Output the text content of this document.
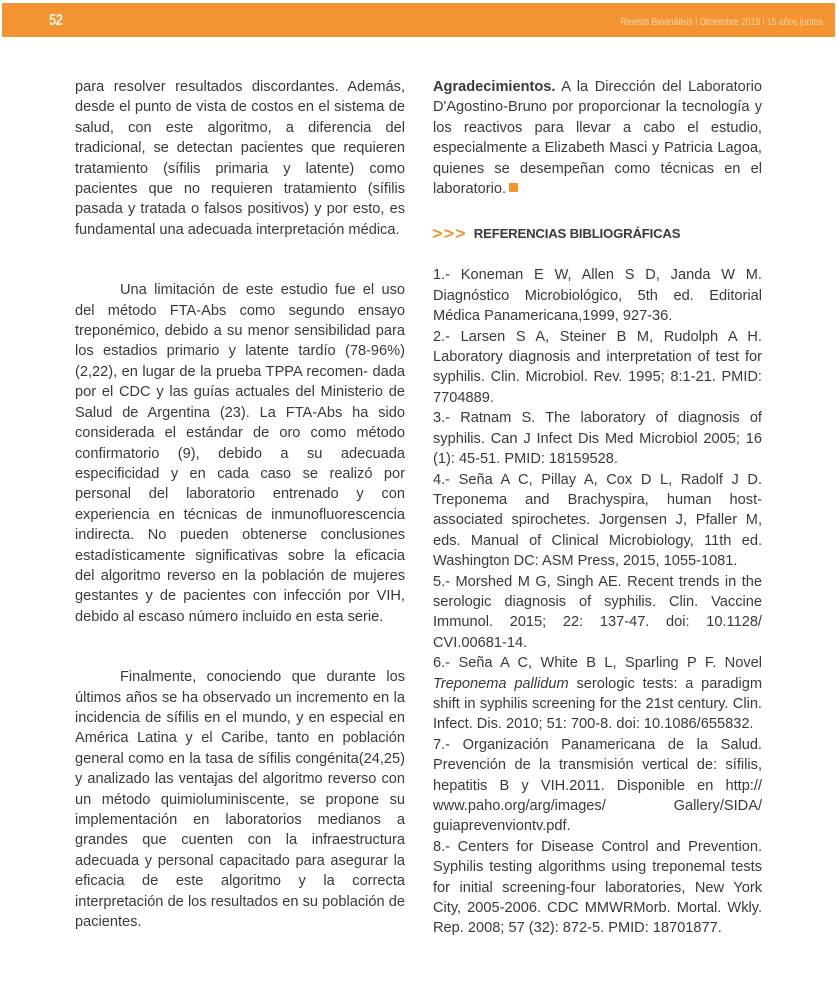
52	Revista Bioanálisis I Diciembre 2019 l 15 años juntos

para resolver resultados discordantes. Además, desde el punto de vista de costos en el sistema de salud, con este algoritmo, a diferencia del tradicional, se detectan pacientes que requieren tratamiento (sífilis primaria y latente) como pacientes que no requieren tratamiento (sífilis pasada y tratada o falsos positivos) y por esto, es fundamental una adecuada interpretación médica.

Una limitación de este estudio fue el uso del método FTA-Abs como segundo ensayo treponémico, debido a su menor sensibilidad para los estadios primario y latente tardío (78-96%) (2,22), en lugar de la prueba TPPA recomen- dada por el CDC y las guías actuales del Ministerio de Salud de Argentina (23). La FTA-Abs ha sido considerada el estándar de oro como método confirmatorio (9), debido a su adecuada especificidad y en cada caso se realizó por personal del laboratorio entrenado y con experiencia en técnicas de inmunofluorescencia indirecta. No pueden obtenerse conclusiones estadísticamente significativas sobre la eficacia del algoritmo reverso en la población de mujeres gestantes y de pacientes con infección por VIH, debido al escaso número incluido en esta serie.

Finalmente, conociendo que durante los últimos años se ha observado un incremento en la incidencia de sífilis en el mundo, y en especial en América Latina y el Caribe, tanto en población general como en la tasa de sífilis congénita(24,25) y analizado las ventajas del algoritmo reverso con un método quimioluminiscente, se propone su implementación en laboratorios medianos a grandes que cuenten con la infraestructura adecuada y personal capacitado para asegurar la eficacia de este algoritmo y la correcta interpretación de los resultados en su población de pacientes.

Agradecimientos. A la Dirección del Laboratorio D'Agostino-Bruno por proporcionar la tecnología y los reactivos para llevar a cabo el estudio, especialmente a Elizabeth Masci y Patricia Lagoa, quienes se desempeñan como técnicas en el laboratorio.

>>> REFERENCIAS BIBLIOGRÁFICAS

1.- Koneman E W, Allen S D, Janda W M. Diagnóstico Microbiológico, 5th ed. Editorial Médica Panamericana,1999, 927-36.

2.- Larsen S A, Steiner B M, Rudolph A H. Laboratory diagnosis and interpretation of test for syphilis. Clin. Microbiol. Rev. 1995; 8:1-21. PMID: 7704889.

3.- Ratnam S. The laboratory of diagnosis of syphilis. Can J Infect Dis Med Microbiol 2005; 16 (1): 45-51. PMID: 18159528.

4.- Seña A C, Pillay A, Cox D L, Radolf J D. Treponema and Brachyspira, human host-associated spirochetes. Jorgensen J, Pfaller M, eds. Manual of Clinical Microbiology, 11th ed. Washington DC: ASM Press, 2015, 1055-1081.

5.- Morshed M G, Singh AE. Recent trends in the serologic diagnosis of syphilis. Clin. Vaccine Immunol. 2015; 22: 137-47. doi: 10.1128/ CVI.00681-14.

6.- Seña A C, White B L, Sparling P F. Novel Treponema pallidum serologic tests: a paradigm shift in syphilis screening for the 21st century. Clin. Infect. Dis. 2010; 51: 700-8. doi: 10.1086/655832.

7.- Organización Panamericana de la Salud. Prevención de la transmisión vertical de: sífilis, hepatitis B y VIH.2011. Disponible en http:// www.paho.org/arg/images/ Gallery/SIDA/ guiaprevenviontv.pdf.

8.- Centers for Disease Control and Prevention. Syphilis testing algorithms using treponemal tests for initial screening-four laboratories, New York City, 2005-2006. CDC MMWRMorb. Mortal. Wkly. Rep. 2008; 57 (32): 872-5. PMID: 18701877.
